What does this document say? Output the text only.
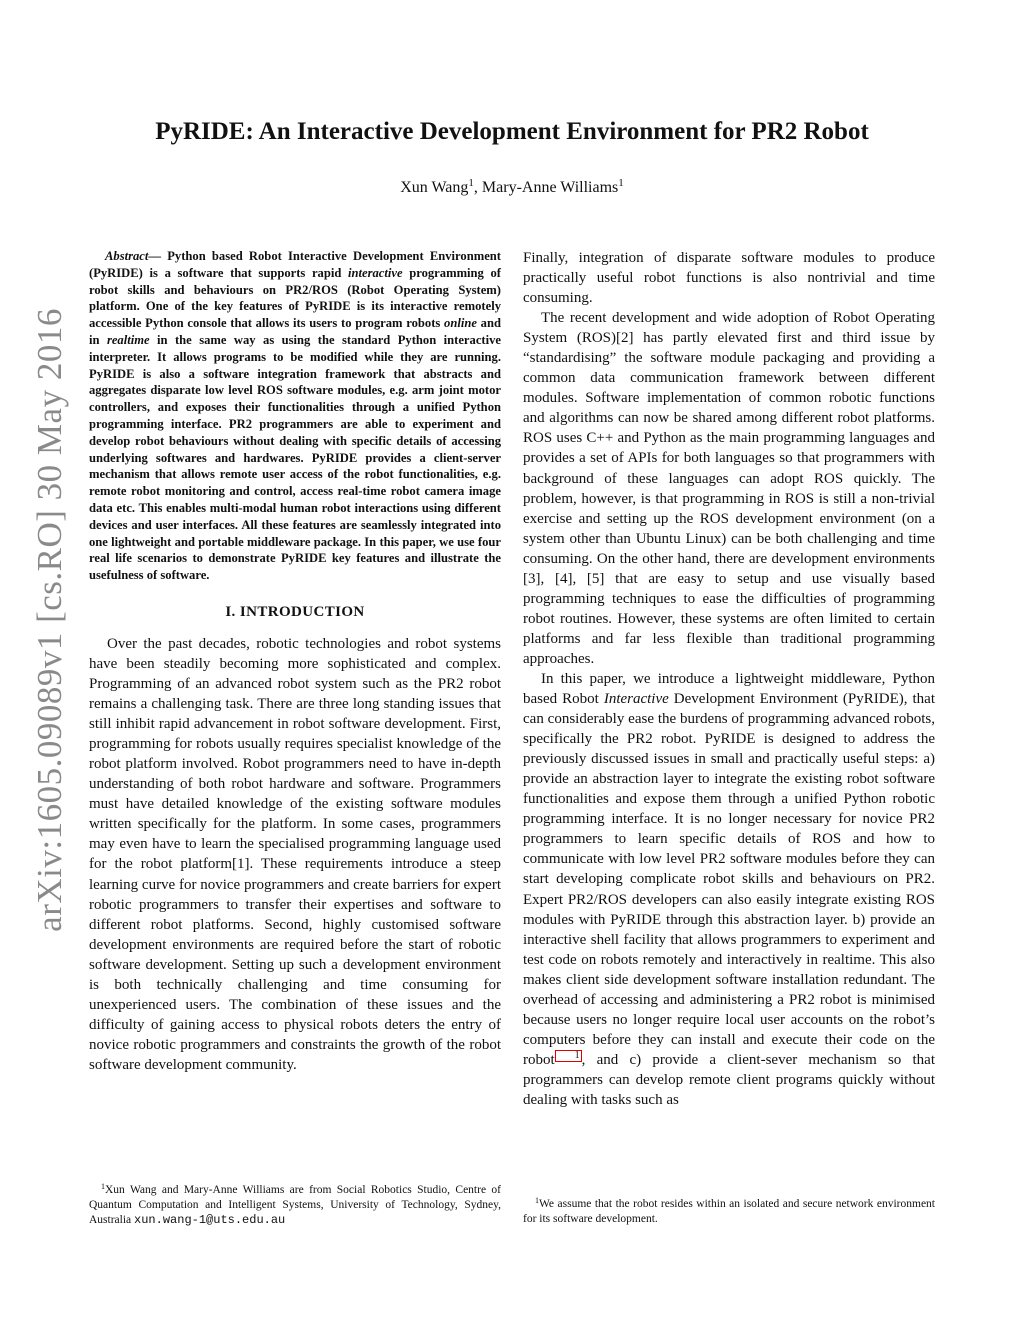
arXiv:1605.09089v1 [cs.RO] 30 May 2016
PyRIDE: An Interactive Development Environment for PR2 Robot
Xun Wang$^1$, Mary-Anne Williams$^1$

Abstract— Python based Robot Interactive Development Environment (PyRIDE) is a software that supports rapid interactive programming of robot skills and behaviours on PR2/ROS (Robot Operating System) platform. One of the key features of PyRIDE is its interactive remotely accessible Python console that allows its users to program robots online and in realtime in the same way as using the standard Python interactive interpreter. It allows programs to be modified while they are running. PyRIDE is also a software integration framework that abstracts and aggregates disparate low level ROS software modules, e.g. arm joint motor controllers, and exposes their functionalities through a unified Python programming interface. PR2 programmers are able to experiment and develop robot behaviours without dealing with specific details of accessing underlying softwares and hardwares. PyRIDE provides a client-server mechanism that allows remote user access of the robot functionalities, e.g. remote robot monitoring and control, access real-time robot camera image data etc. This enables multi-modal human robot interactions using different devices and user interfaces. All these features are seamlessly integrated into one lightweight and portable middleware package. In this paper, we use four real life scenarios to demonstrate PyRIDE key features and illustrate the usefulness of software.

I. INTRODUCTION

Over the past decades, robotic technologies and robot systems have been steadily becoming more sophisticated and complex. Programming of an advanced robot system such as the PR2 robot remains a challenging task. There are three long standing issues that still inhibit rapid advancement in robot software development. First, programming for robots usually requires specialist knowledge of the robot platform involved. Robot programmers need to have in-depth understanding of both robot hardware and software. Programmers must have detailed knowledge of the existing software modules written specifically for the platform. In some cases, programmers may even have to learn the specialised programming language used for the robot platform[1]. These requirements introduce a steep learning curve for novice programmers and create barriers for expert robotic programmers to transfer their expertises and software to different robot platforms. Second, highly customised software development environments are required before the start of robotic software development. Setting up such a development environment is both technically challenging and time consuming for unexperienced users. The combination of these issues and the difficulty of gaining access to physical robots deters the entry of novice robotic programmers and constraints the growth of the robot software development community.

Finally, integration of disparate software modules to produce practically useful robot functions is also nontrivial and time consuming.

The recent development and wide adoption of Robot Operating System (ROS)[2] has partly elevated first and third issue by “standardising” the software module packaging and providing a common data communication framework between different modules. Software implementation of common robotic functions and algorithms can now be shared among different robot platforms. ROS uses C++ and Python as the main programming languages and provides a set of APIs for both languages so that programmers with background of these languages can adopt ROS quickly. The problem, however, is that programming in ROS is still a non-trivial exercise and setting up the ROS development environment (on a system other than Ubuntu Linux) can be both challenging and time consuming. On the other hand, there are development environments [3], [4], [5] that are easy to setup and use visually based programming techniques to ease the difficulties of programming robot routines. However, these systems are often limited to certain platforms and far less flexible than traditional programming approaches.

In this paper, we introduce a lightweight middleware, Python based Robot Interactive Development Environment (PyRIDE), that can considerably ease the burdens of programming advanced robots, specifically the PR2 robot. PyRIDE is designed to address the previously discussed issues in small and practically useful steps: a) provide an abstraction layer to integrate the existing robot software functionalities and expose them through a unified Python robotic programming interface. It is no longer necessary for novice PR2 programmers to learn specific details of ROS and how to communicate with low level PR2 software modules before they can start developing complicate robot skills and behaviours on PR2. Expert PR2/ROS developers can also easily integrate existing ROS modules with PyRIDE through this abstraction layer. b) provide an interactive shell facility that allows programmers to experiment and test code on robots remotely and interactively in realtime. This also makes client side development software installation redundant. The overhead of accessing and administering a PR2 robot is minimised because users no longer require local user accounts on the robot’s computers before they can install and execute their code on the robot 1 , and c) provide a client-sever mechanism so that programmers can develop remote client programs quickly without dealing with tasks such as

$^1$Xun Wang and Mary-Anne Williams are from Social Robotics Studio, Centre of Quantum Computation and Intelligent Systems, University of Technology, Sydney, Australia xun.wang-1@uts.edu.au
$^1$We assume that the robot resides within an isolated and secure network environment for its software development.
